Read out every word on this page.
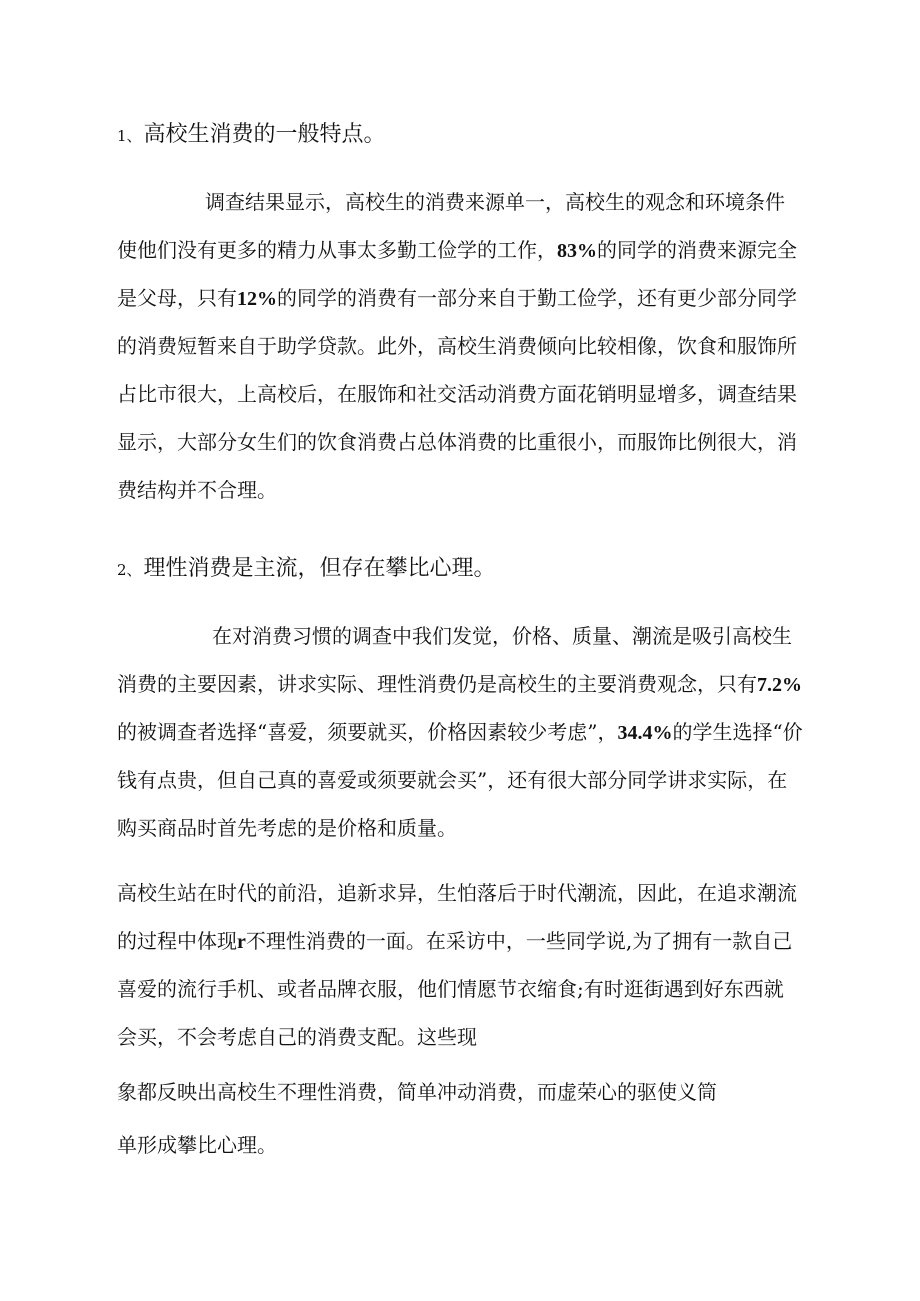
1、高校生消费的一般特点。
调查结果显示，高校生的消费来源单一，高校生的观念和环境条件
使他们没有更多的精力从事太多勤工俭学的工作，83%的同学的消费来源完全
是父母，只有12%的同学的消费有一部分来自于勤工俭学，还有更少部分同学
的消费短暂来自于助学贷款。此外，高校生消费倾向比较相像，饮食和服饰所
占比市很大，上高校后，在服饰和社交活动消费方面花销明显增多，调查结果
显示，大部分女生们的饮食消费占总体消费的比重很小，而服饰比例很大，消
费结构并不合理。
2、理性消费是主流，但存在攀比心理。
在对消费习惯的调查中我们发觉，价格、质量、潮流是吸引高校生
消费的主要因素，讲求实际、理性消费仍是高校生的主要消费观念，只有7.2%
的被调查者选择“喜爱，须要就买，价格因素较少考虑”，34.4%的学生选择“价
钱有点贵，但自己真的喜爱或须要就会买”，还有很大部分同学讲求实际，在
购买商品时首先考虑的是价格和质量。
高校生站在时代的前沿，追新求异，生怕落后于时代潮流，因此，在追求潮流
的过程中体现r不理性消费的一面。在采访中，一些同学说,为了拥有一款自己
喜爱的流行手机、或者品牌衣服，他们情愿节衣缩食;有时逛街遇到好东西就
会买，不会考虑自己的消费支配。这些现
象都反映出高校生不理性消费，简单冲动消费，而虚荣心的驱使义筒
单形成攀比心理。
